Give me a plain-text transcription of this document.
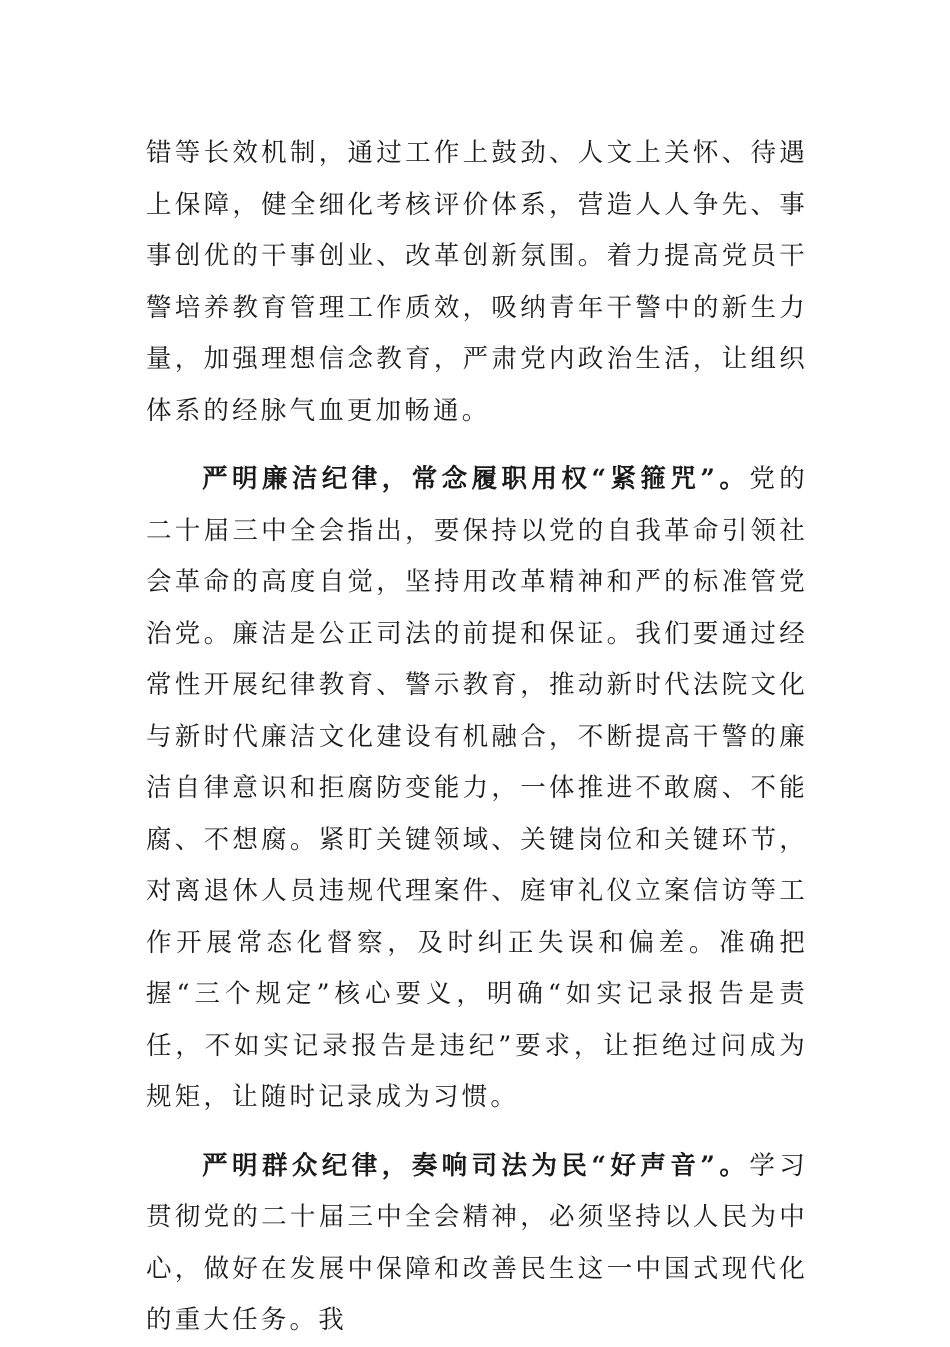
错等长效机制，通过工作上鼓劲、人文上关怀、待遇上保障，健全细化考核评价体系，营造人人争先、事事创优的干事创业、改革创新氛围。着力提高党员干警培养教育管理工作质效，吸纳青年干警中的新生力量，加强理想信念教育，严肃党内政治生活，让组织体系的经脉气血更加畅通。

严明廉洁纪律，常念履职用权“紧箍咒”。党的二十届三中全会指出，要保持以党的自我革命引领社会革命的高度自觉，坚持用改革精神和严的标准管党治党。廉洁是公正司法的前提和保证。我们要通过经常性开展纪律教育、警示教育，推动新时代法院文化与新时代廉洁文化建设有机融合，不断提高干警的廉洁自律意识和拒腐防变能力，一体推进不敢腐、不能腐、不想腐。紧盯关键领域、关键岗位和关键环节，对离退休人员违规代理案件、庭审礼仪立案信访等工作开展常态化督察，及时纠正失误和偏差。准确把握“三个规定”核心要义，明确“如实记录报告是责任，不如实记录报告是违纪”要求，让拒绝过问成为规矩，让随时记录成为习惯。

严明群众纪律，奏响司法为民“好声音”。学习贯彻党的二十届三中全会精神，必须坚持以人民为中心，做好在发展中保障和改善民生这一中国式现代化的重大任务。我
